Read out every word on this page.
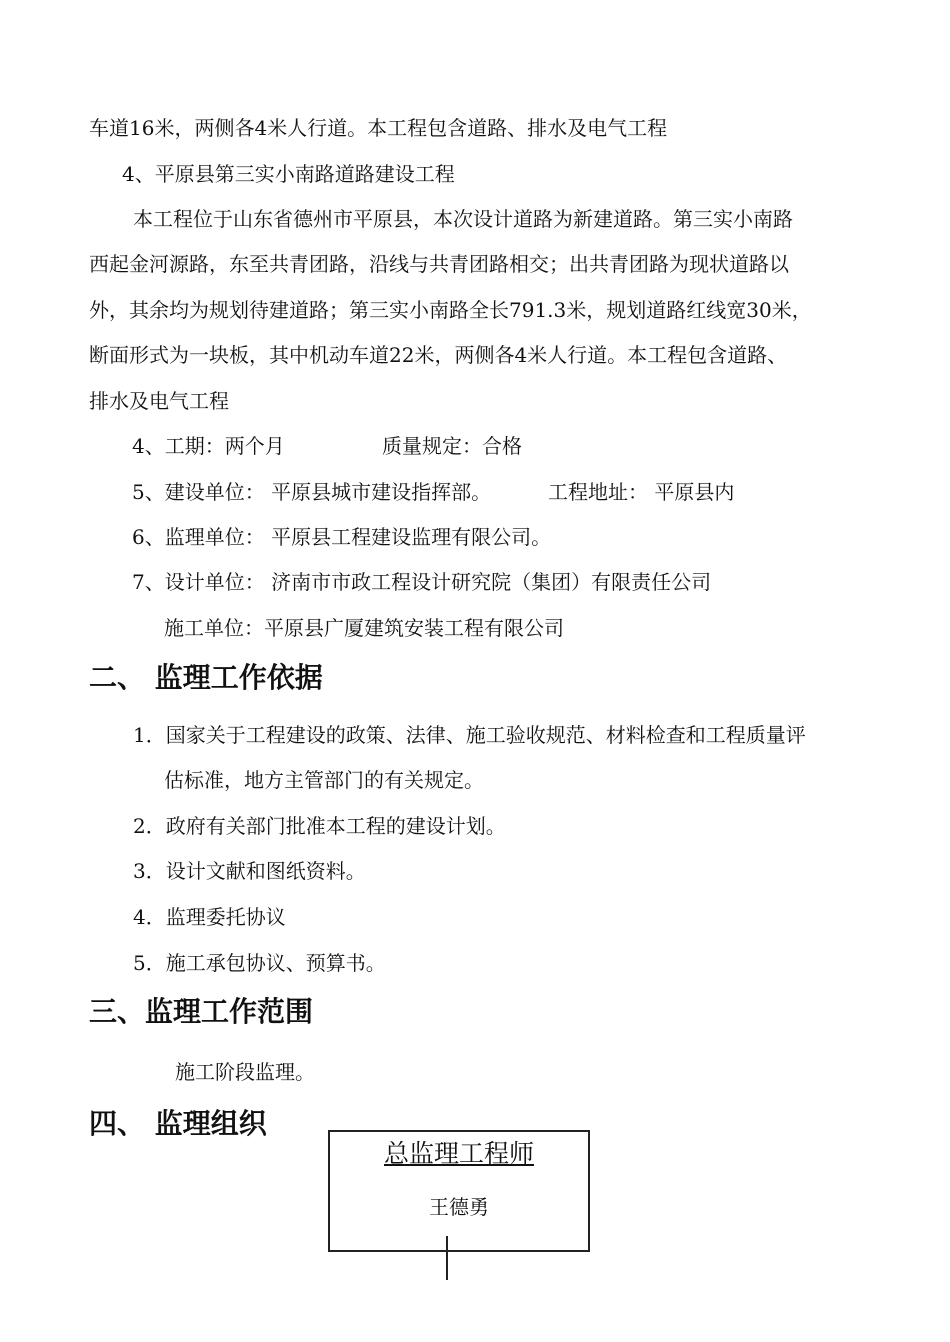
车道16米，两侧各4米人行道。本工程包含道路、排水及电气工程
4、平原县第三实小南路道路建设工程
本工程位于山东省德州市平原县，本次设计道路为新建道路。第三实小南路
西起金河源路，东至共青团路，沿线与共青团路相交；出共青团路为现状道路以
外，其余均为规划待建道路；第三实小南路全长791.3米，规划道路红线宽30米，
断面形式为一块板，其中机动车道22米，两侧各4米人行道。本工程包含道路、
排水及电气工程
4、工期：两个月	质量规定：合格
5、建设单位： 平原县城市建设指挥部。	工程地址： 平原县内
6、监理单位： 平原县工程建设监理有限公司。
7、设计单位： 济南市市政工程设计研究院（集团）有限责任公司
施工单位：平原县广厦建筑安装工程有限公司
二、 监理工作依据
1．国家关于工程建设的政策、法律、施工验收规范、材料检查和工程质量评
估标准，地方主管部门的有关规定。
2．政府有关部门批准本工程的建设计划。
3．设计文献和图纸资料。
4．监理委托协议
5．施工承包协议、预算书。
三、监理工作范围
施工阶段监理。
四、 监理组织
总监理工程师
王德勇
